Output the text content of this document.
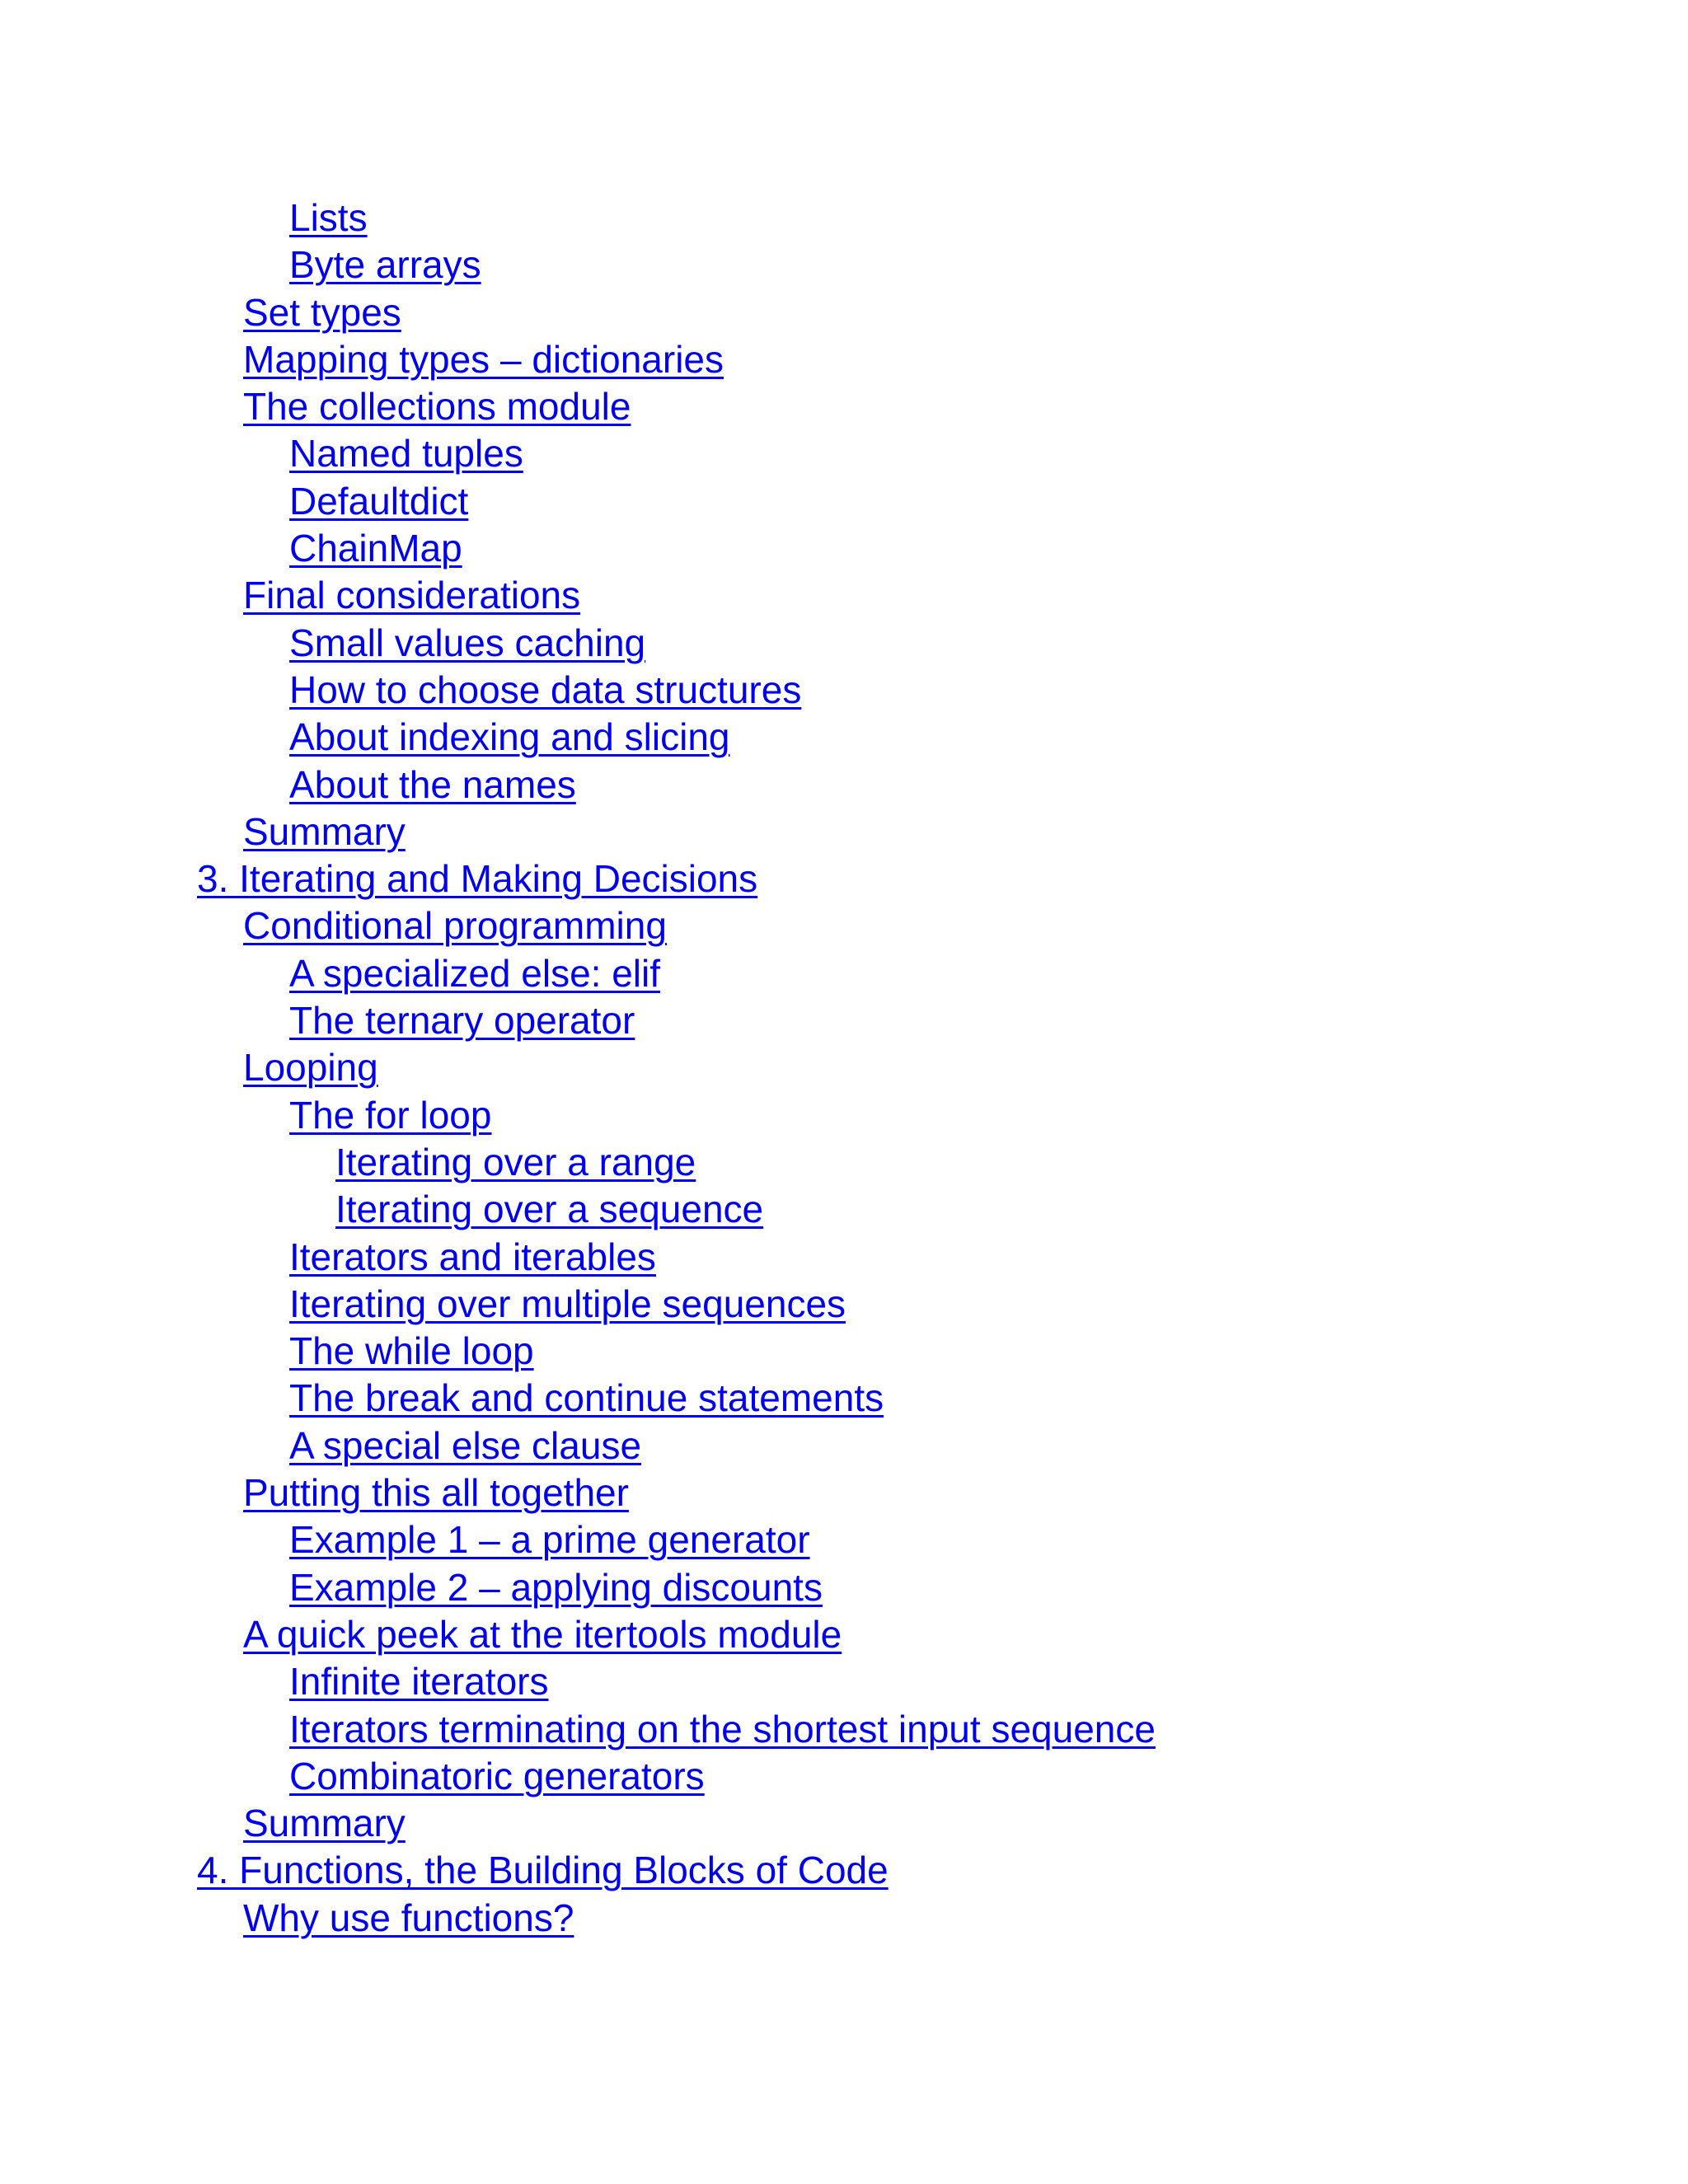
Lists
Byte arrays
Set types
Mapping types – dictionaries
The collections module
Named tuples
Defaultdict
ChainMap
Final considerations
Small values caching
How to choose data structures
About indexing and slicing
About the names
Summary
3. Iterating and Making Decisions
Conditional programming
A specialized else: elif
The ternary operator
Looping
The for loop
Iterating over a range
Iterating over a sequence
Iterators and iterables
Iterating over multiple sequences
The while loop
The break and continue statements
A special else clause
Putting this all together
Example 1 – a prime generator
Example 2 – applying discounts
A quick peek at the itertools module
Infinite iterators
Iterators terminating on the shortest input sequence
Combinatoric generators
Summary
4. Functions, the Building Blocks of Code
Why use functions?
